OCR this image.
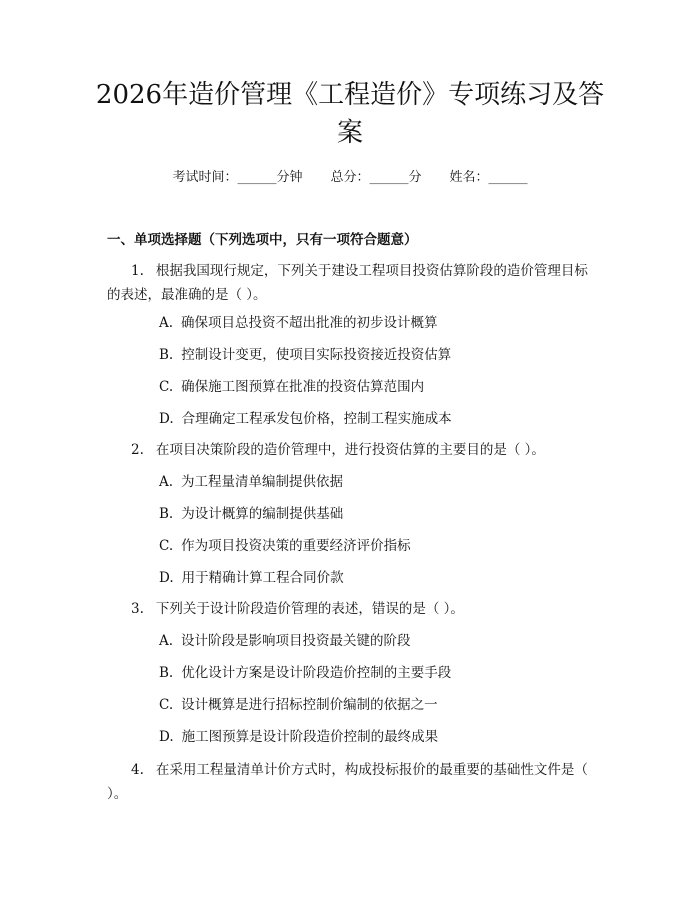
2026年造价管理《工程造价》专项练习及答案
考试时间：______分钟 总分：______分 姓名：______

一、单项选择题（下列选项中，只有一项符合题意）

1. 根据我国现行规定，下列关于建设工程项目投资估算阶段的造价管理目标的表述，最准确的是（ ）。

A. 确保项目总投资不超出批准的初步设计概算

B. 控制设计变更，使项目实际投资接近投资估算

C. 确保施工图预算在批准的投资估算范围内

D. 合理确定工程承发包价格，控制工程实施成本

2. 在项目决策阶段的造价管理中，进行投资估算的主要目的是（ ）。

A. 为工程量清单编制提供依据

B. 为设计概算的编制提供基础

C. 作为项目投资决策的重要经济评价指标

D. 用于精确计算工程合同价款

3. 下列关于设计阶段造价管理的表述，错误的是（ ）。

A. 设计阶段是影响项目投资最关键的阶段

B. 优化设计方案是设计阶段造价控制的主要手段

C. 设计概算是进行招标控制价编制的依据之一

D. 施工图预算是设计阶段造价控制的最终成果

4. 在采用工程量清单计价方式时，构成投标报价的最重要的基础性文件是（ ）。
